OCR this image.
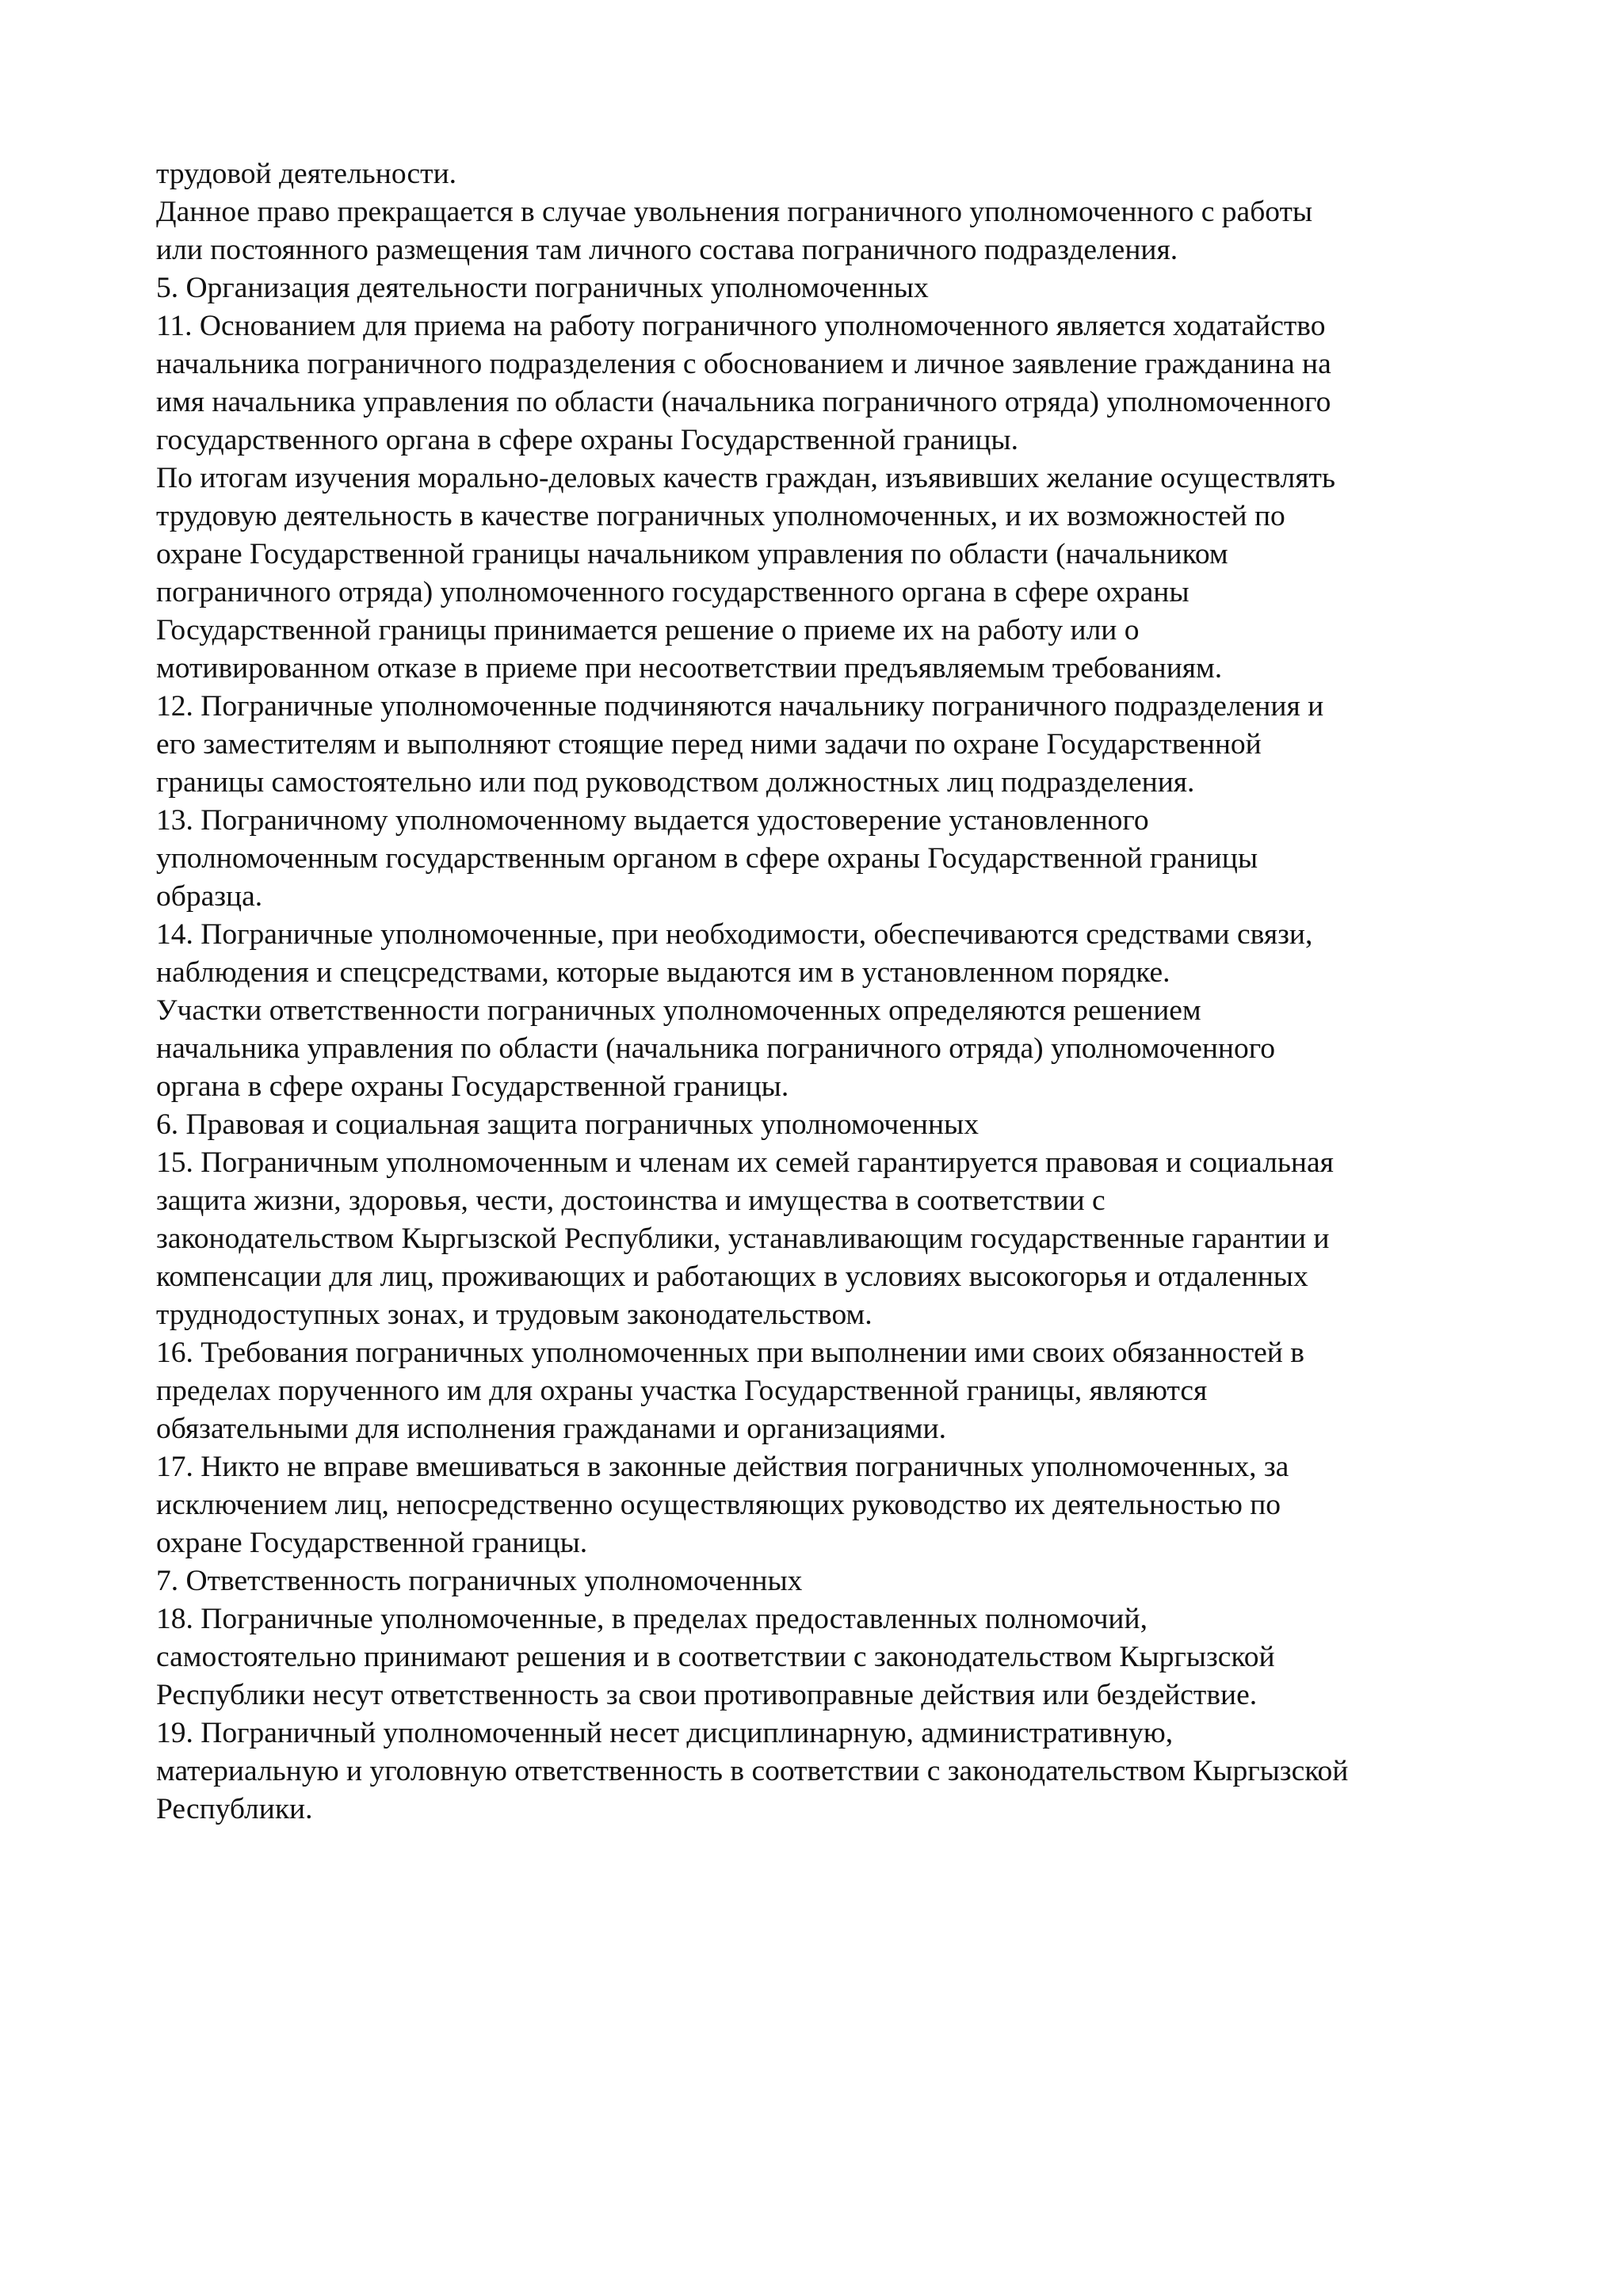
трудовой деятельности.
Данное право прекращается в случае увольнения пограничного уполномоченного с работы
или постоянного размещения там личного состава пограничного подразделения.
5. Организация деятельности пограничных уполномоченных
11. Основанием для приема на работу пограничного уполномоченного является ходатайство
начальника пограничного подразделения с обоснованием и личное заявление гражданина на
имя начальника управления по области (начальника пограничного отряда) уполномоченного
государственного органа в сфере охраны Государственной границы.
По итогам изучения морально-деловых качеств граждан, изъявивших желание осуществлять
трудовую деятельность в качестве пограничных уполномоченных, и их возможностей по
охране Государственной границы начальником управления по области (начальником
пограничного отряда) уполномоченного государственного органа в сфере охраны
Государственной границы принимается решение о приеме их на работу или о
мотивированном отказе в приеме при несоответствии предъявляемым требованиям.
12. Пограничные уполномоченные подчиняются начальнику пограничного подразделения и
его заместителям и выполняют стоящие перед ними задачи по охране Государственной
границы самостоятельно или под руководством должностных лиц подразделения.
13. Пограничному уполномоченному выдается удостоверение установленного
уполномоченным государственным органом в сфере охраны Государственной границы
образца.
14. Пограничные уполномоченные, при необходимости, обеспечиваются средствами связи,
наблюдения и спецсредствами, которые выдаются им в установленном порядке.
Участки ответственности пограничных уполномоченных определяются решением
начальника управления по области (начальника пограничного отряда) уполномоченного
органа в сфере охраны Государственной границы.
6. Правовая и социальная защита пограничных уполномоченных
15. Пограничным уполномоченным и членам их семей гарантируется правовая и социальная
защита жизни, здоровья, чести, достоинства и имущества в соответствии с
законодательством Кыргызской Республики, устанавливающим государственные гарантии и
компенсации для лиц, проживающих и работающих в условиях высокогорья и отдаленных
труднодоступных зонах, и трудовым законодательством.
16. Требования пограничных уполномоченных при выполнении ими своих обязанностей в
пределах порученного им для охраны участка Государственной границы, являются
обязательными для исполнения гражданами и организациями.
17. Никто не вправе вмешиваться в законные действия пограничных уполномоченных, за
исключением лиц, непосредственно осуществляющих руководство их деятельностью по
охране Государственной границы.
7. Ответственность пограничных уполномоченных
18. Пограничные уполномоченные, в пределах предоставленных полномочий,
самостоятельно принимают решения и в соответствии с законодательством Кыргызской
Республики несут ответственность за свои противоправные действия или бездействие.
19. Пограничный уполномоченный несет дисциплинарную, административную,
материальную и уголовную ответственность в соответствии с законодательством Кыргызской
Республики.
